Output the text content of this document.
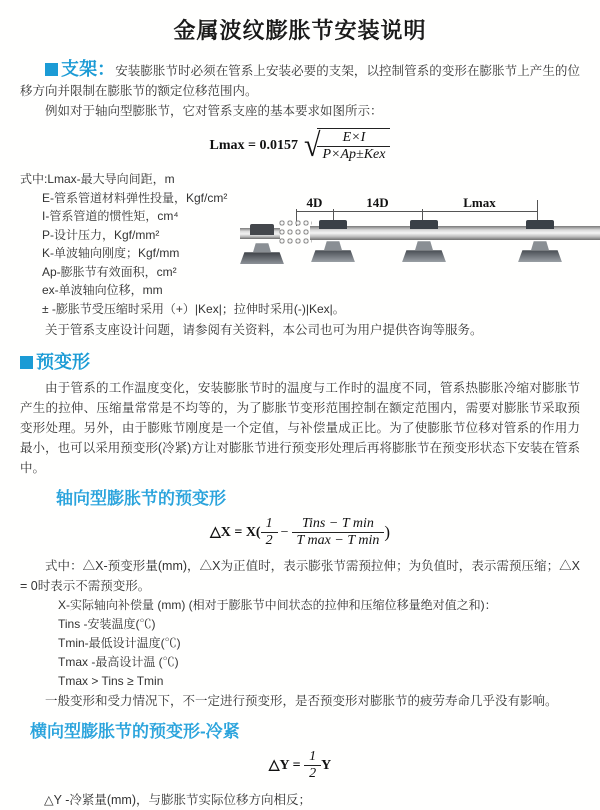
金属波纹膨胀节安装说明
支架：安装膨胀节时必须在管系上安装必要的支架，以控制管系的变形在膨胀节上产生的位移方向并限制在膨胀节的额定位移范围内。
例如对于轴向型膨胀节，它对管系支座的基本要求如图所示：
Lmax = 0.0157 √
$\frac{E\times I}{\text{P×Ap±Kex}}$
式中:Lmax-最大导向间距，m
E-管系管道材料弹性投量，Kgf/cm²
I-管系管道的惯性矩，cm⁴
P-设计压力，Kgf/mm²
K-单波轴向刚度；Kgf/mm
Ap-膨胀节有效面积，cm²
ex-单波轴向位移，mm
± -膨胀节受压缩时采用（+）|Kex|；拉伸时采用(-)|Kex|。
关于管系支座设计问题，请参阅有关资料，本公司也可为用户提供咨询等服务。
4D	14D	Lmax
预变形
由于管系的工作温度变化，安装膨胀节时的温度与工作时的温度不同，管系热膨胀冷缩对膨胀节产生的拉伸、压缩量常常是不均等的，为了膨胀节变形范围控制在额定范围内，需要对膨胀节采取预变形处理。另外，由于膨账节刚度是一个定值，与补偿量成正比。为了使膨胀节位移对管系的作用力最小，也可以采用预变形(冷紧)方让对膨胀节进行预变形处理后再将膨胀节在预变形状态下安装在管系中。
轴向型膨胀节的预变形
△X = $X( \frac{1}{2} - \frac{\text{Tins − T min}}{\text{T max − T min}}$ )
式中：△X-预变形量(mm)，△X为正值时，表示膨张节需预拉伸；为负值时，表示需预压缩；△X = 0时表示不需预变形。
X-实际轴向补偿量 (mm) (相对于膨胀节中间状态的拉伸和压缩位移量绝对值之和)：
Tins -安装温度(℃)
Tmin-最低设计温度(℃)
Tmax -最高设计温 (℃)
Tmax > Tins ≥ Tmin
一般变形和受力情况下，不一定进行预变形，是否预变形对膨胀节的疲劳寿命几乎没有影响。
横向型膨胀节的预变形-冷紧
△Y = $\frac{1}{2}$ Y
△Y -冷紧量(mm)，与膨胀节实际位移方向相反；
